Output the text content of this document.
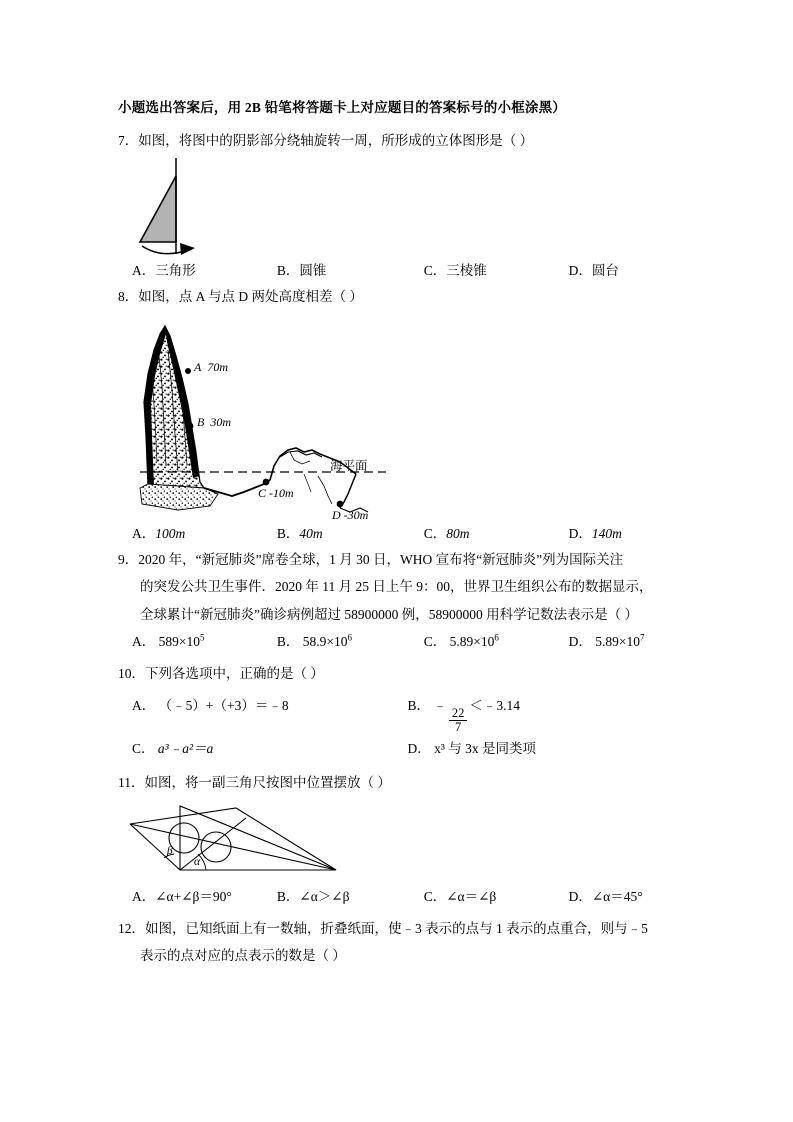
小题选出答案后，用 2B 铅笔将答题卡上对应题目的答案标号的小框涂黑）
7．如图，将图中的阴影部分绕轴旋转一周，所形成的立体图形是（ ）
A．三角形	B．圆锥	C．三棱锥	D．圆台
8．如图，点 A 与点 D 两处高度相差（ ）
A 70m
B 30m
C -10m
D -30m
海平面
A．100m	B．40m	C．80m	D．140m
9．2020 年，“新冠肺炎”席卷全球，1 月 30 日，WHO 宣布将“新冠肺炎”列为国际关注
的突发公共卫生事件．2020 年 11 月 25 日上午 9：00，世界卫生组织公布的数据显示，
全球累计“新冠肺炎”确诊病例超过 58900000 例，58900000 用科学记数法表示是（ ）
A． $589\times 10^5$	B． $58.9\times 10^6$	C． $5.89\times 10^6$	D． $5.89\times 10^7$
10．下列各选项中，正确的是（ ）
A． （﹣5）+（+3）＝﹣8	B． ﹣
$\frac{22}{7}$
＜﹣3.14
C． a³﹣a²＝a	D． x³ 与 3x 是同类项
11．如图，将一副三角尺按图中位置摆放（ ）
β
α
A．∠α+∠β＝90°	B．∠α＞∠β	C．∠α＝∠β	D．∠α＝45°
12．如图，已知纸面上有一数轴，折叠纸面，使﹣3 表示的点与 1 表示的点重合，则与﹣5
表示的点对应的点表示的数是（ ）
